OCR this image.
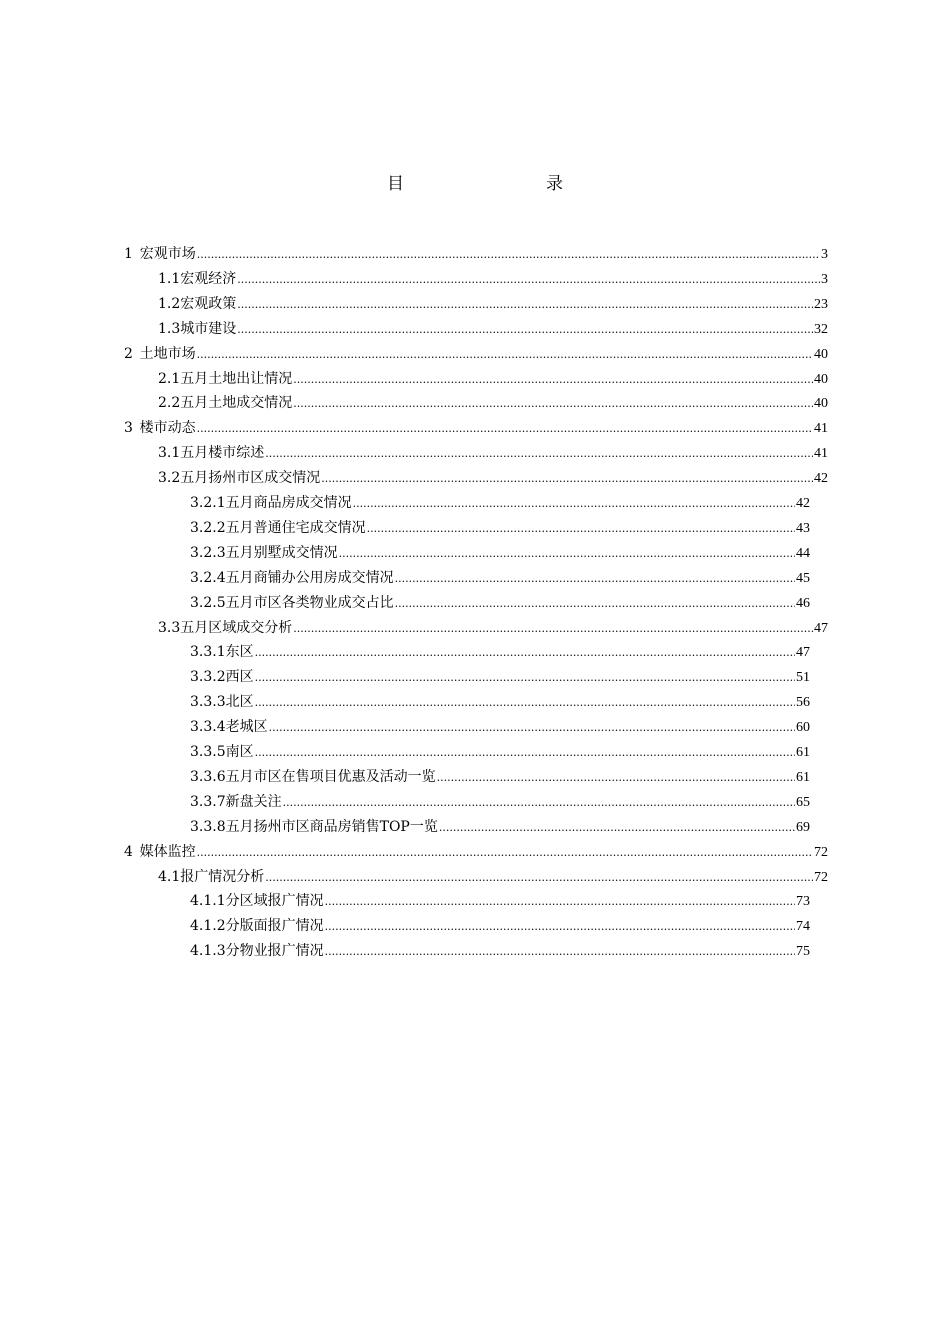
目　　录
1 宏观市场 .....	3
1.1宏观经济 .....	3
1.2宏观政策 .....	23
1.3城市建设 .....	32
2 土地市场 .....	40
2.1五月土地出让情况 .....	40
2.2五月土地成交情况 .....	40
3 楼市动态 .....	41
3.1五月楼市综述 .....	41
3.2五月扬州市区成交情况 .....	42
3.2.1五月商品房成交情况 .....	42
3.2.2五月普通住宅成交情况 .....	43
3.2.3五月别墅成交情况 .....	44
3.2.4五月商铺办公用房成交情况 .....	45
3.2.5五月市区各类物业成交占比 .....	46
3.3五月区域成交分析 .....	47
3.3.1东区 .....	47
3.3.2西区 .....	51
3.3.3北区 .....	56
3.3.4老城区 .....	60
3.3.5南区 .....	61
3.3.6五月市区在售项目优惠及活动一览 .....	61
3.3.7新盘关注 .....	65
3.3.8五月扬州市区商品房销售TOP一览 .....	69
4 媒体监控 .....	72
4.1报广情况分析 .....	72
4.1.1分区域报广情况 .....	73
4.1.2分版面报广情况 .....	74
4.1.3分物业报广情况 .....	75
